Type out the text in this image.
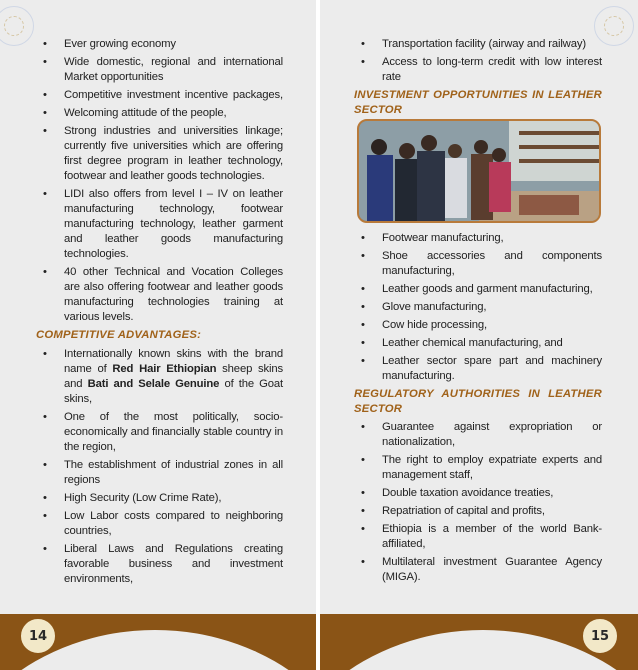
14
• Ever growing economy
• Wide domestic, regional and international Market opportunities
• Competitive investment incentive packages,
• Welcoming attitude of the people,
• Strong industries and universities linkage; currently five universities which are offering first degree program in leather technology, footwear and leather goods technologies.
• LIDI also offers from level I – IV on leather manufacturing technology, footwear manufacturing technology, leather garment and leather goods manufacturing technologies.
• 40 other Technical and Vocation Colleges are also offering footwear and leather goods manufacturing technologies training at various levels.
COMPETITIVE ADVANTAGES:
• Internationally known skins with the brand name of Red Hair Ethiopian sheep skins and Bati and Selale Genuine of the Goat skins,
• One of the most politically, socio-economically and financially stable country in the region,
• The establishment of industrial zones in all regions
• High Security (Low Crime Rate),
• Low Labor costs compared to neighboring countries,
• Liberal Laws and Regulations creating favorable business and investment environments,
15
• Transportation facility (airway and railway)
• Access to long-term credit with low interest rate
INVESTMENT OPPORTUNITIES IN LEATHER
SECTOR
• Footwear manufacturing,
• Shoe accessories and components manufacturing,
• Leather goods and garment manufacturing,
• Glove manufacturing,
• Cow hide processing,
• Leather chemical manufacturing, and
• Leather sector spare part and machinery manufacturing.
REGULATORY AUTHORITIES IN LEATHER
SECTOR
• Guarantee against expropriation or nationalization,
• The right to employ expatriate experts and management staff,
• Double taxation avoidance treaties,
• Repatriation of capital and profits,
• Ethiopia is a member of the world Bank-affiliated,
• Multilateral investment Guarantee Agency (MIGA).
